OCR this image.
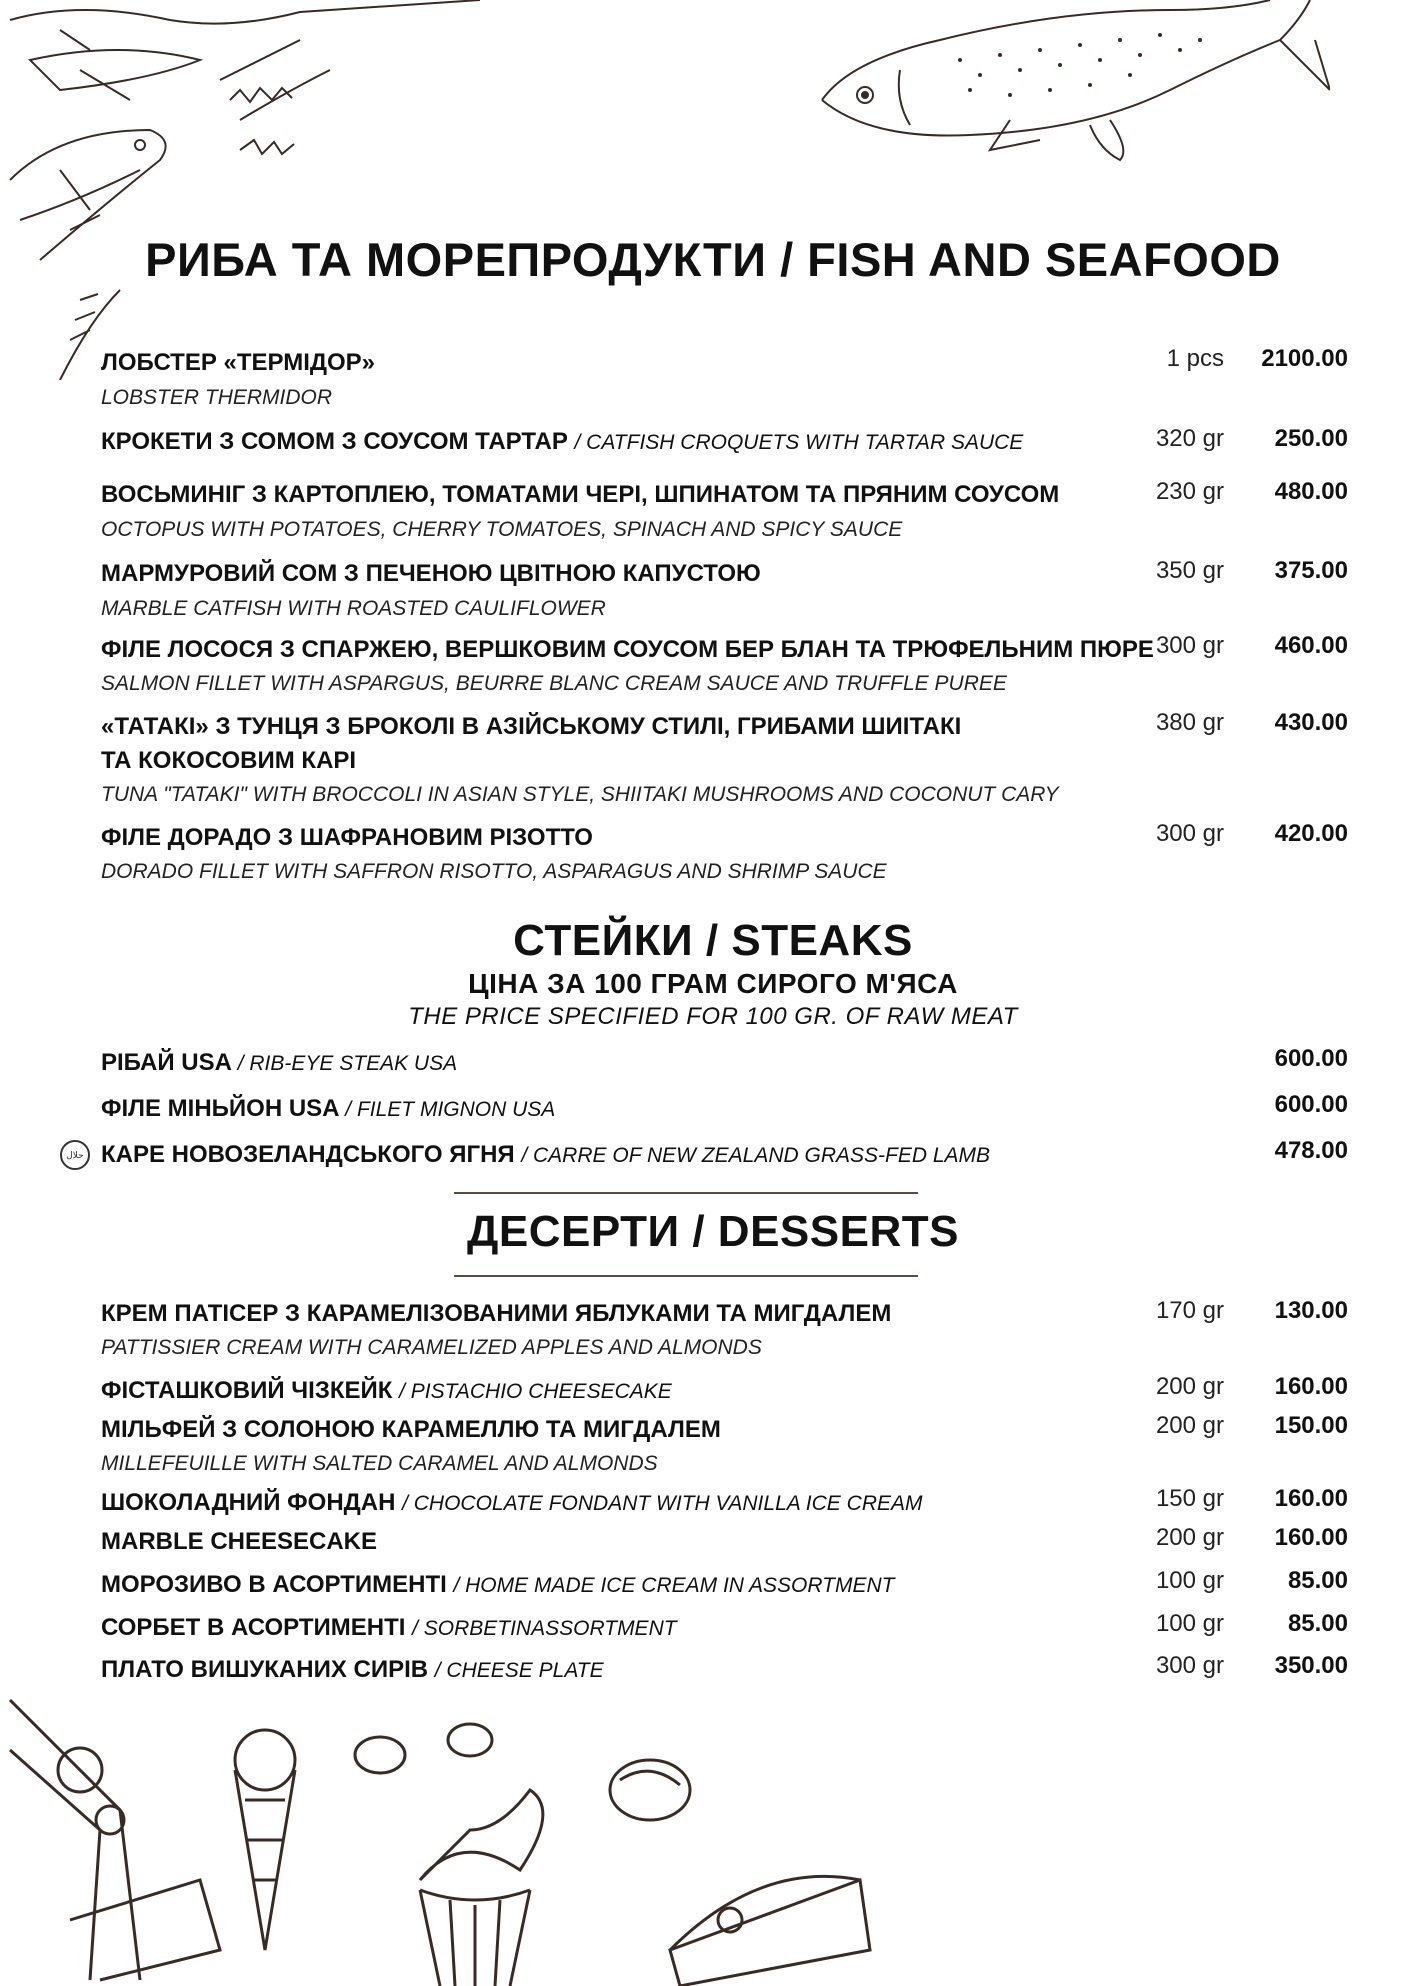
РИБА ТА МОРЕПРОДУКТИ / FISH AND SEAFOOD
ЛОБСТЕР «ТЕРМІДОР»
LOBSTER THERMIDOR
1 pcs 2100.00
КРОКЕТИ З СОМОМ З СОУСОМ ТАРТАР / CATFISH CROQUETS WITH TARTAR SAUCE	320 gr 250.00
ВОСЬМИНІГ З КАРТОПЛЕЮ, ТОМАТАМИ ЧЕРІ, ШПИНАТОМ ТА ПРЯНИМ СОУСОМ
OCTOPUS WITH POTATOES, CHERRY TOMATOES, SPINACH AND SPICY SAUCE
230 gr 480.00
МАРМУРОВИЙ СОМ З ПЕЧЕНОЮ ЦВІТНОЮ КАПУСТОЮ
MARBLE CATFISH WITH ROASTED CAULIFLOWER
350 gr 375.00
ФІЛЕ ЛОСОСЯ З СПАРЖЕЮ, ВЕРШКОВИМ СОУСОМ БЕР БЛАН ТА ТРЮФЕЛЬНИМ ПЮРЕ
SALMON FILLET WITH ASPARGUS, BEURRE BLANC CREAM SAUCE AND TRUFFLE PUREE
300 gr 460.00
«ТАТАКІ» З ТУНЦЯ З БРОКОЛІ В АЗІЙСЬКОМУ СТИЛІ, ГРИБАМИ ШИІТАКІ
ТА КОКОСОВИМ КАРІ
TUNA "TATAKI" WITH BROCCOLI IN ASIAN STYLE, SHIITAKI MUSHROOMS AND COCONUT CARY
380 gr 430.00
ФІЛЕ ДОРАДО З ШАФРАНОВИМ РІЗОТТО
DORADO FILLET WITH SAFFRON RISOTTO, ASPARAGUS AND SHRIMP SAUCE
300 gr 420.00
СТЕЙКИ / STEAKS
ЦІНА ЗА 100 ГРАМ СИРОГО М'ЯСА
THE PRICE SPECIFIED FOR 100 GR. OF RAW MEAT
РІБАЙ USA / RIB-EYE STEAK USA	600.00
ФІЛЕ МІНЬЙОН USA / FILET MIGNON USA	600.00
حلال КАРЕ НОВОЗЕЛАНДСЬКОГО ЯГНЯ / CARRE OF NEW ZEALAND GRASS-FED LAMB	478.00
ДЕСЕРТИ / DESSERTS
КРЕМ ПАТІСЕР З КАРАМЕЛІЗОВАНИМИ ЯБЛУКАМИ ТА МИГДАЛЕМ
PATTISSIER CREAM WITH CARAMELIZED APPLES AND ALMONDS
170 gr 130.00
ФІСТАШКОВИЙ ЧІЗКЕЙК / PISTACHIO CHEESECAKE	200 gr 160.00
МІЛЬФЕЙ З СОЛОНОЮ КАРАМЕЛЛЮ ТА МИГДАЛЕМ
MILLEFEUILLE WITH SALTED CARAMEL AND ALMONDS
200 gr 150.00
ШОКОЛАДНИЙ ФОНДАН / CHOCOLATE FONDANT WITH VANILLA ICE CREAM	150 gr 160.00
MARBLE CHEESECAKE	200 gr 160.00
МОРОЗИВО В АСОРТИМЕНТІ / HOME MADE ICE CREAM IN ASSORTMENT	100 gr	85.00
СОРБЕТ В АСОРТИМЕНТІ / SORBETINASSORTMENT	100 gr	85.00
ПЛАТО ВИШУКАНИХ СИРІВ / CHEESE PLATE	300 gr 350.00
